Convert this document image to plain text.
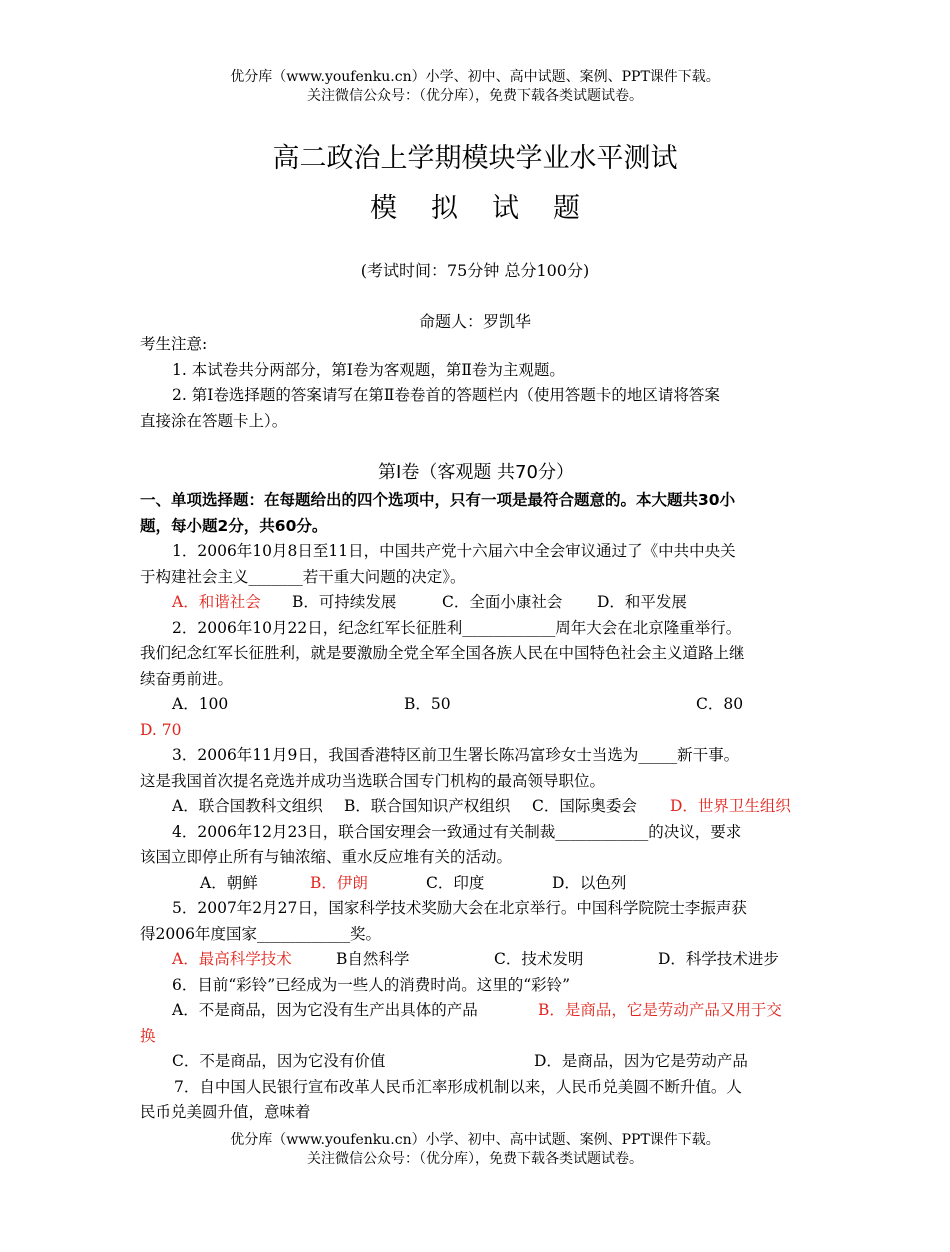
优分库（www.youfenku.cn）小学、初中、高中试题、案例、PPT课件下载。
关注微信公众号：（优分库），免费下载各类试题试卷。
高二政治上学期模块学业水平测试
模拟试题
(考试时间：75分钟 总分100分)
命题人：罗凯华
考生注意:
1. 本试卷共分两部分，第Ⅰ卷为客观题，第Ⅱ卷为主观题。
2. 第Ⅰ卷选择题的答案请写在第Ⅱ卷卷首的答题栏内（使用答题卡的地区请将答案
直接涂在答题卡上）。
第Ⅰ卷（客观题 共70分）
一、单项选择题：在每题给出的四个选项中，只有一项是最符合题意的。本大题共30小
题，每小题2分，共60分。
1．2006年10月8日至11日，中国共产党十六届六中全会审议通过了《中共中央关
于构建社会主义_______若干重大问题的决定》。
A．和谐社会 B．可持续发展	C．全面小康社会 D．和平发展
2．2006年10月22日，纪念红军长征胜利____________周年大会在北京隆重举行。
我们纪念红军长征胜利，就是要激励全党全军全国各族人民在中国特色社会主义道路上继
续奋勇前进。
A．100	B．50	C．80
D. 70
3．2006年11月9日，我国香港特区前卫生署长陈冯富珍女士当选为_____新干事。
这是我国首次提名竞选并成功当选联合国专门机构的最高领导职位。
A．联合国教科文组织 B．联合国知识产权组织 C．国际奥委会 D．世界卫生组织
4．2006年12月23日，联合国安理会一致通过有关制裁____________的决议，要求
该国立即停止所有与铀浓缩、重水反应堆有关的活动。
A．朝鲜	B．伊朗	C．印度	D．以色列
5．2007年2月27日，国家科学技术奖励大会在北京举行。中国科学院院士李振声获
得2006年度国家____________奖。
A．最高科学技术	B自然科学	C．技术发明	D．科学技术进步
6．目前“彩铃”已经成为一些人的消费时尚。这里的“彩铃”
A．不是商品，因为它没有生产出具体的产品	B．是商品，它是劳动产品又用于交
换
C．不是商品，因为它没有价值	D．是商品，因为它是劳动产品
7．自中国人民银行宣布改革人民币汇率形成机制以来，人民币兑美圆不断升值。人
民币兑美圆升值，意味着
优分库（www.youfenku.cn）小学、初中、高中试题、案例、PPT课件下载。
关注微信公众号：（优分库），免费下载各类试题试卷。
